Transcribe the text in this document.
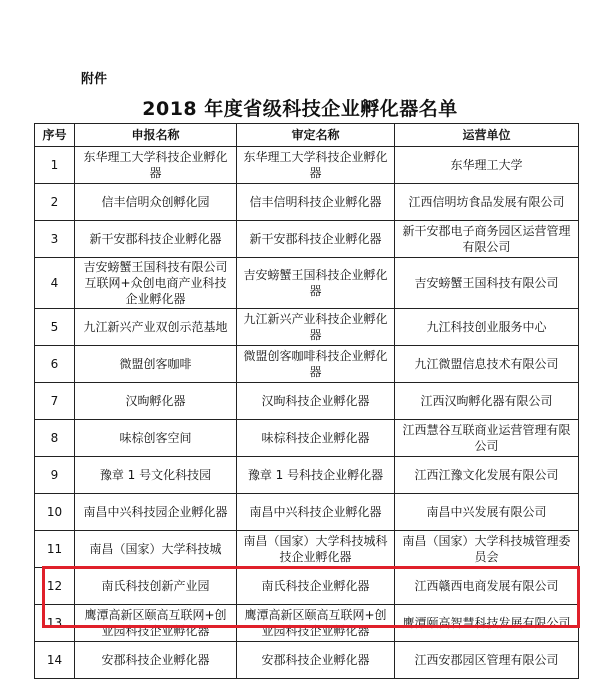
附件
2018 年度省级科技企业孵化器名单
序号	申报名称	审定名称	运营单位
1	东华理工大学科技企业孵化器	东华理工大学科技企业孵化器	东华理工大学
2	信丰信明众创孵化园	信丰信明科技企业孵化器	江西信明坊食品发展有限公司
3	新干安郡科技企业孵化器	新干安郡科技企业孵化器	新干安郡电子商务园区运营管理有限公司
4	吉安螃蟹王国科技有限公司互联网+众创电商产业科技企业孵化器	吉安螃蟹王国科技企业孵化器	吉安螃蟹王国科技有限公司
5	九江新兴产业双创示范基地	九江新兴产业科技企业孵化器	九江科技创业服务中心
6	微盟创客咖啡	微盟创客咖啡科技企业孵化器	九江微盟信息技术有限公司
7	汉昫孵化器	汉昫科技企业孵化器	江西汉昫孵化器有限公司
8	味棕创客空间	味棕科技企业孵化器	江西慧谷互联商业运营管理有限公司
9	豫章 1 号文化科技园	豫章 1 号科技企业孵化器	江西江豫文化发展有限公司
10	南昌中兴科技园企业孵化器	南昌中兴科技企业孵化器	南昌中兴发展有限公司
11	南昌（国家）大学科技城	南昌（国家）大学科技城科技企业孵化器	南昌（国家）大学科技城管理委员会
12	南氏科技创新产业园	南氏科技企业孵化器	江西赣西电商发展有限公司
13	鹰潭高新区颐高互联网+创业园科技企业孵化器	鹰潭高新区颐高互联网+创业园科技企业孵化器	鹰潭颐高智慧科技发展有限公司
14	安郡科技企业孵化器	安郡科技企业孵化器	江西安郡园区管理有限公司
